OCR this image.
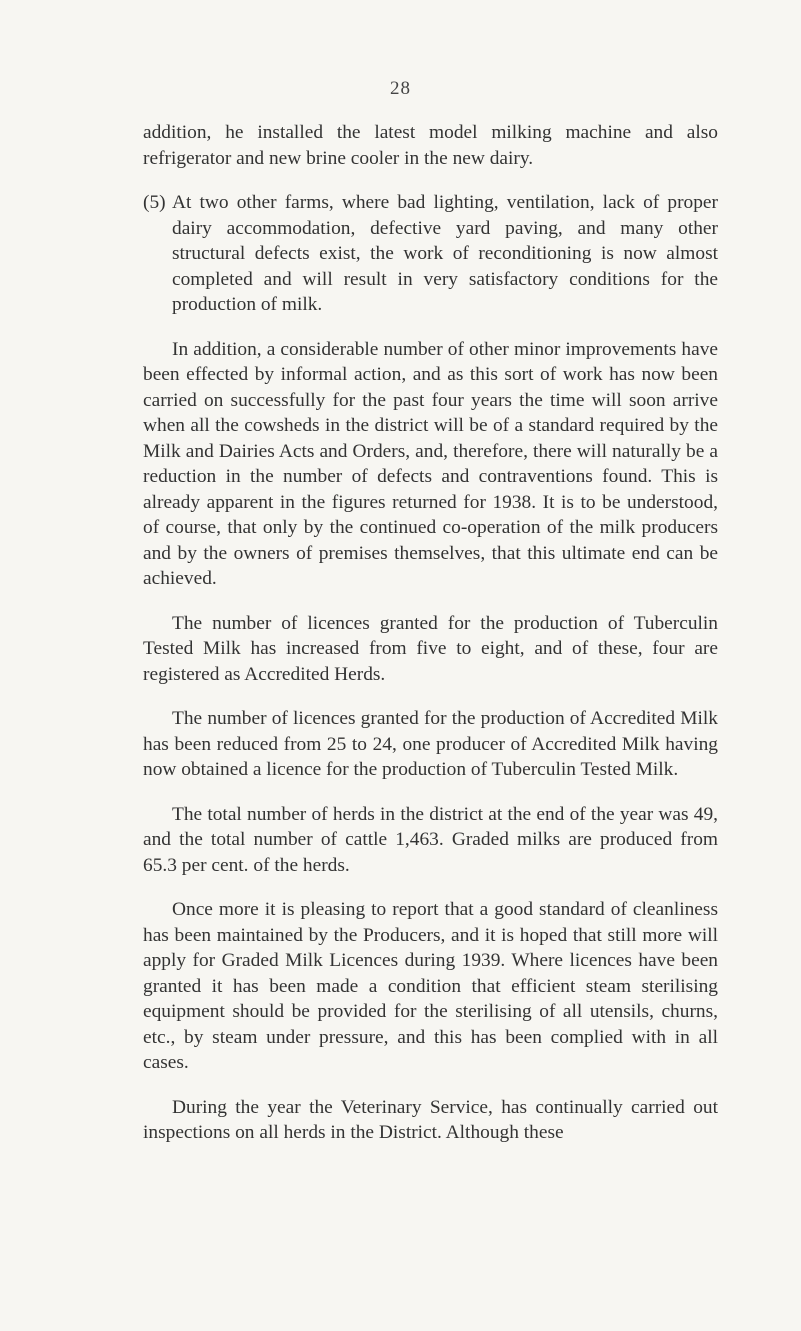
28

addition, he installed the latest model milking machine and also refrigerator and new brine cooler in the new dairy.

(5) At two other farms, where bad lighting, ventilation, lack of proper dairy accommodation, defective yard paving, and many other structural defects exist, the work of reconditioning is now almost completed and will result in very satisfactory conditions for the production of milk.

In addition, a considerable number of other minor improvements have been effected by informal action, and as this sort of work has now been carried on successfully for the past four years the time will soon arrive when all the cowsheds in the district will be of a standard required by the Milk and Dairies Acts and Orders, and, therefore, there will naturally be a reduction in the number of defects and contraventions found. This is already apparent in the figures returned for 1938. It is to be understood, of course, that only by the continued co-operation of the milk producers and by the owners of premises themselves, that this ultimate end can be achieved.

The number of licences granted for the production of Tuberculin Tested Milk has increased from five to eight, and of these, four are registered as Accredited Herds.

The number of licences granted for the production of Accredited Milk has been reduced from 25 to 24, one producer of Accredited Milk having now obtained a licence for the production of Tuberculin Tested Milk.

The total number of herds in the district at the end of the year was 49, and the total number of cattle 1,463. Graded milks are produced from 65.3 per cent. of the herds.

Once more it is pleasing to report that a good standard of cleanliness has been maintained by the Producers, and it is hoped that still more will apply for Graded Milk Licences during 1939. Where licences have been granted it has been made a condition that efficient steam sterilising equipment should be provided for the sterilising of all utensils, churns, etc., by steam under pressure, and this has been complied with in all cases.

During the year the Veterinary Service, has continually carried out inspections on all herds in the District. Although these
